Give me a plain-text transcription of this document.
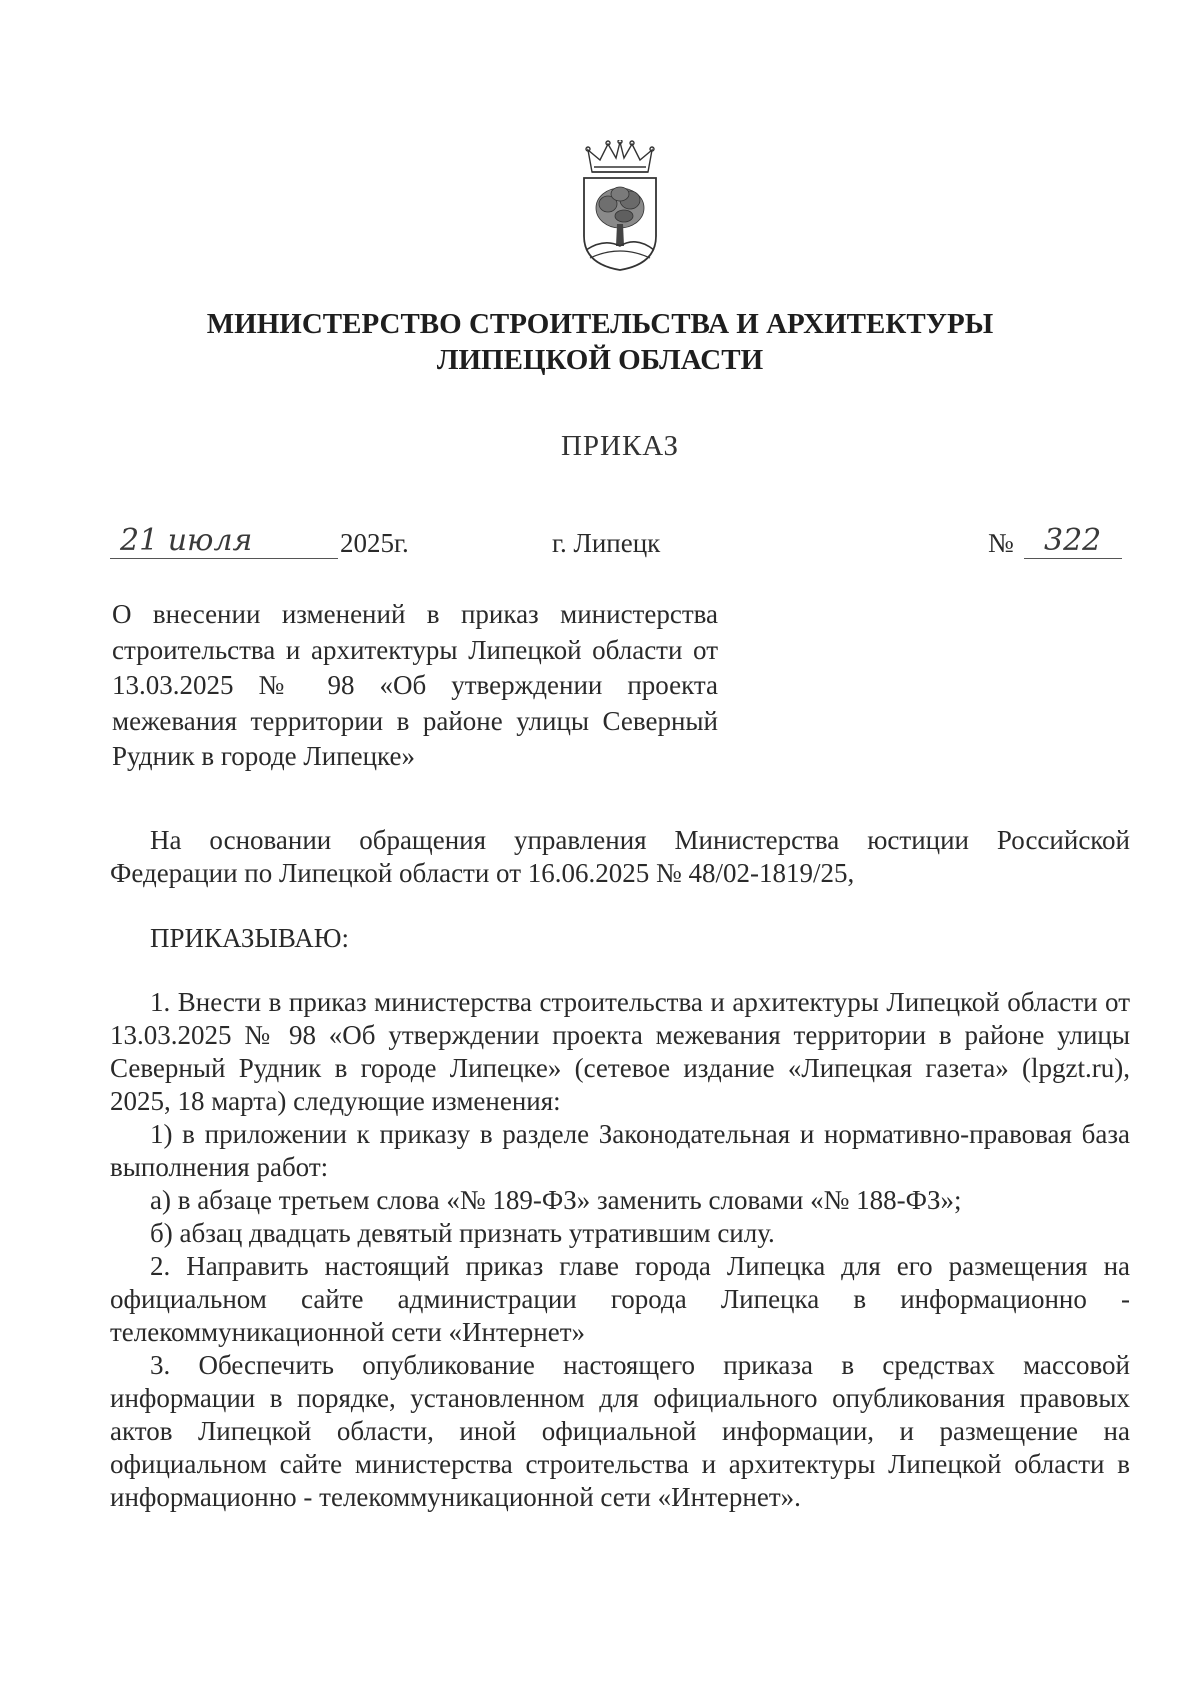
МИНИСТЕРСТВО СТРОИТЕЛЬСТВА И АРХИТЕКТУРЫ
ЛИПЕЦКОЙ ОБЛАСТИ
ПРИКАЗ
21 июля	2025г.	г. Липецк	№ 322
О внесении изменений в приказ министерства строительства и архитектуры Липецкой области от 13.03.2025 № 98 «Об утверждении проекта межевания территории в районе улицы Северный Рудник в городе Липецке»

На основании обращения управления Министерства юстиции Российской Федерации по Липецкой области от 16.06.2025 № 48/02-1819/25,

ПРИКАЗЫВАЮ:

1. Внести в приказ министерства строительства и архитектуры Липецкой области от 13.03.2025 № 98 «Об утверждении проекта межевания территории в районе улицы Северный Рудник в городе Липецке» (сетевое издание «Липецкая газета» (lpgzt.ru), 2025, 18 марта) следующие изменения:

1) в приложении к приказу в разделе Законодательная и нормативно-правовая база выполнения работ:

а) в абзаце третьем слова «№ 189-ФЗ» заменить словами «№ 188-ФЗ»;

б) абзац двадцать девятый признать утратившим силу.

2. Направить настоящий приказ главе города Липецка для его размещения на официальном сайте администрации города Липецка в информационно - телекоммуникационной сети «Интернет»

3. Обеспечить опубликование настоящего приказа в средствах массовой информации в порядке, установленном для официального опубликования правовых актов Липецкой области, иной официальной информации, и размещение на официальном сайте министерства строительства и архитектуры Липецкой области в информационно - телекоммуникационной сети «Интернет».
